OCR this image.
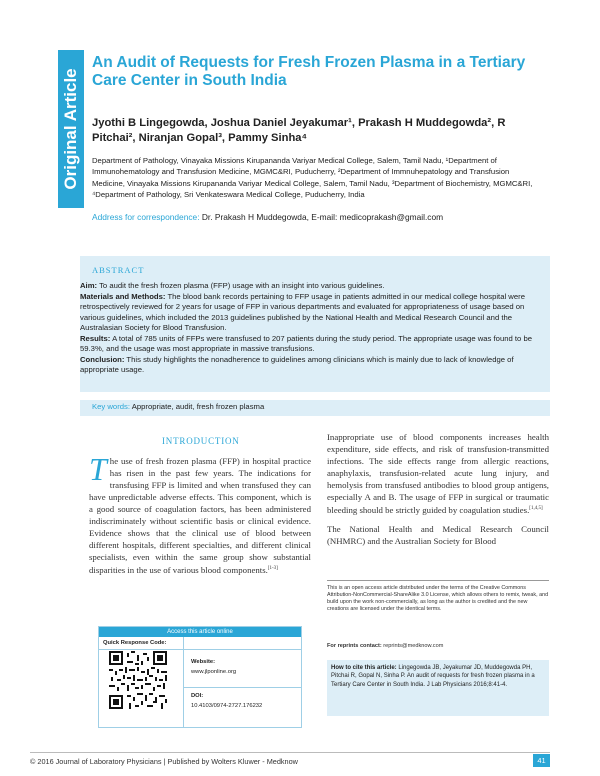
Original Article
An Audit of Requests for Fresh Frozen Plasma in a Tertiary Care Center in South India
Jyothi B Lingegowda, Joshua Daniel Jeyakumar¹, Prakash H Muddegowda², R Pitchai², Niranjan Gopal³, Pammy Sinha⁴
Department of Pathology, Vinayaka Missions Kirupananda Variyar Medical College, Salem, Tamil Nadu, ¹Department of Immunohematology and Transfusion Medicine, MGMC&RI, Puducherry, ²Department of Immnuhepatology and Transfusion Medicine, Vinayaka Missions Kirupananda Variyar Medical College, Salem, Tamil Nadu, ³Department of Biochemistry, MGMC&RI, ⁴Department of Pathology, Sri Venkateswara Medical College, Puducherry, India
Address for correspondence: Dr. Prakash H Muddegowda, E-mail: medicoprakash@gmail.com
ABSTRACT

Aim: To audit the fresh frozen plasma (FFP) usage with an insight into various guidelines.

Materials and Methods: The blood bank records pertaining to FFP usage in patients admitted in our medical college hospital were retrospectively reviewed for 2 years for usage of FFP in various departments and evaluated for appropriateness of usage based on various guidelines, which included the 2013 guidelines published by the National Health and Medical Research Council and the Australasian Society for Blood Transfusion.

Results: A total of 785 units of FFPs were transfused to 207 patients during the study period. The appropriate usage was found to be 59.3%, and the usage was most appropriate in massive transfusions.

Conclusion: This study highlights the nonadherence to guidelines among clinicians which is mainly due to lack of knowledge of appropriate usage.

Key words: Appropriate, audit, fresh frozen plasma
INTRODUCTION
The use of fresh frozen plasma (FFP) in hospital practice has risen in the past few years. The indications for transfusing FFP is limited and when transfused they can have unpredictable adverse effects. This component, which is a good source of coagulation factors, has been administered indiscriminately without scientific basis or clinical evidence. Evidence shows that the clinical use of blood between different hospitals, different specialties, and different clinical specialists, even within the same group show substantial disparities in the use of various blood components.[1-3]

Inappropriate use of blood components increases health expenditure, side effects, and risk of transfusion-transmitted infections. The side effects range from allergic reactions, anaphylaxis, transfusion-related acute lung injury, and hemolysis from transfused antibodies to blood group antigens, especially A and B. The usage of FFP in surgical or traumatic bleeding should be strictly guided by coagulation studies.[1,4,5]

The National Health and Medical Research Council (NHMRC) and the Australian Society for Blood

This is an open access article distributed under the terms of the Creative Commons Attribution-NonCommercial-ShareAlike 3.0 License, which allows others to remix, tweak, and build upon the work non-commercially, as long as the author is credited and the new creations are licensed under the identical terms.
For reprints contact: reprints@medknow.com
How to cite this article: Lingegowda JB, Jeyakumar JD, Muddegowda PH, Pitchai R, Gopal N, Sinha P. An audit of requests for fresh frozen plasma in a Tertiary Care Center in South India. J Lab Physicians 2016;8:41-4.
Access this article online
Quick Response Code:
Website:
www.jlponline.org
DOI:
10.4103/0974-2727.176232
© 2016 Journal of Laboratory Physicians | Published by Wolters Kluwer - Medknow	41
